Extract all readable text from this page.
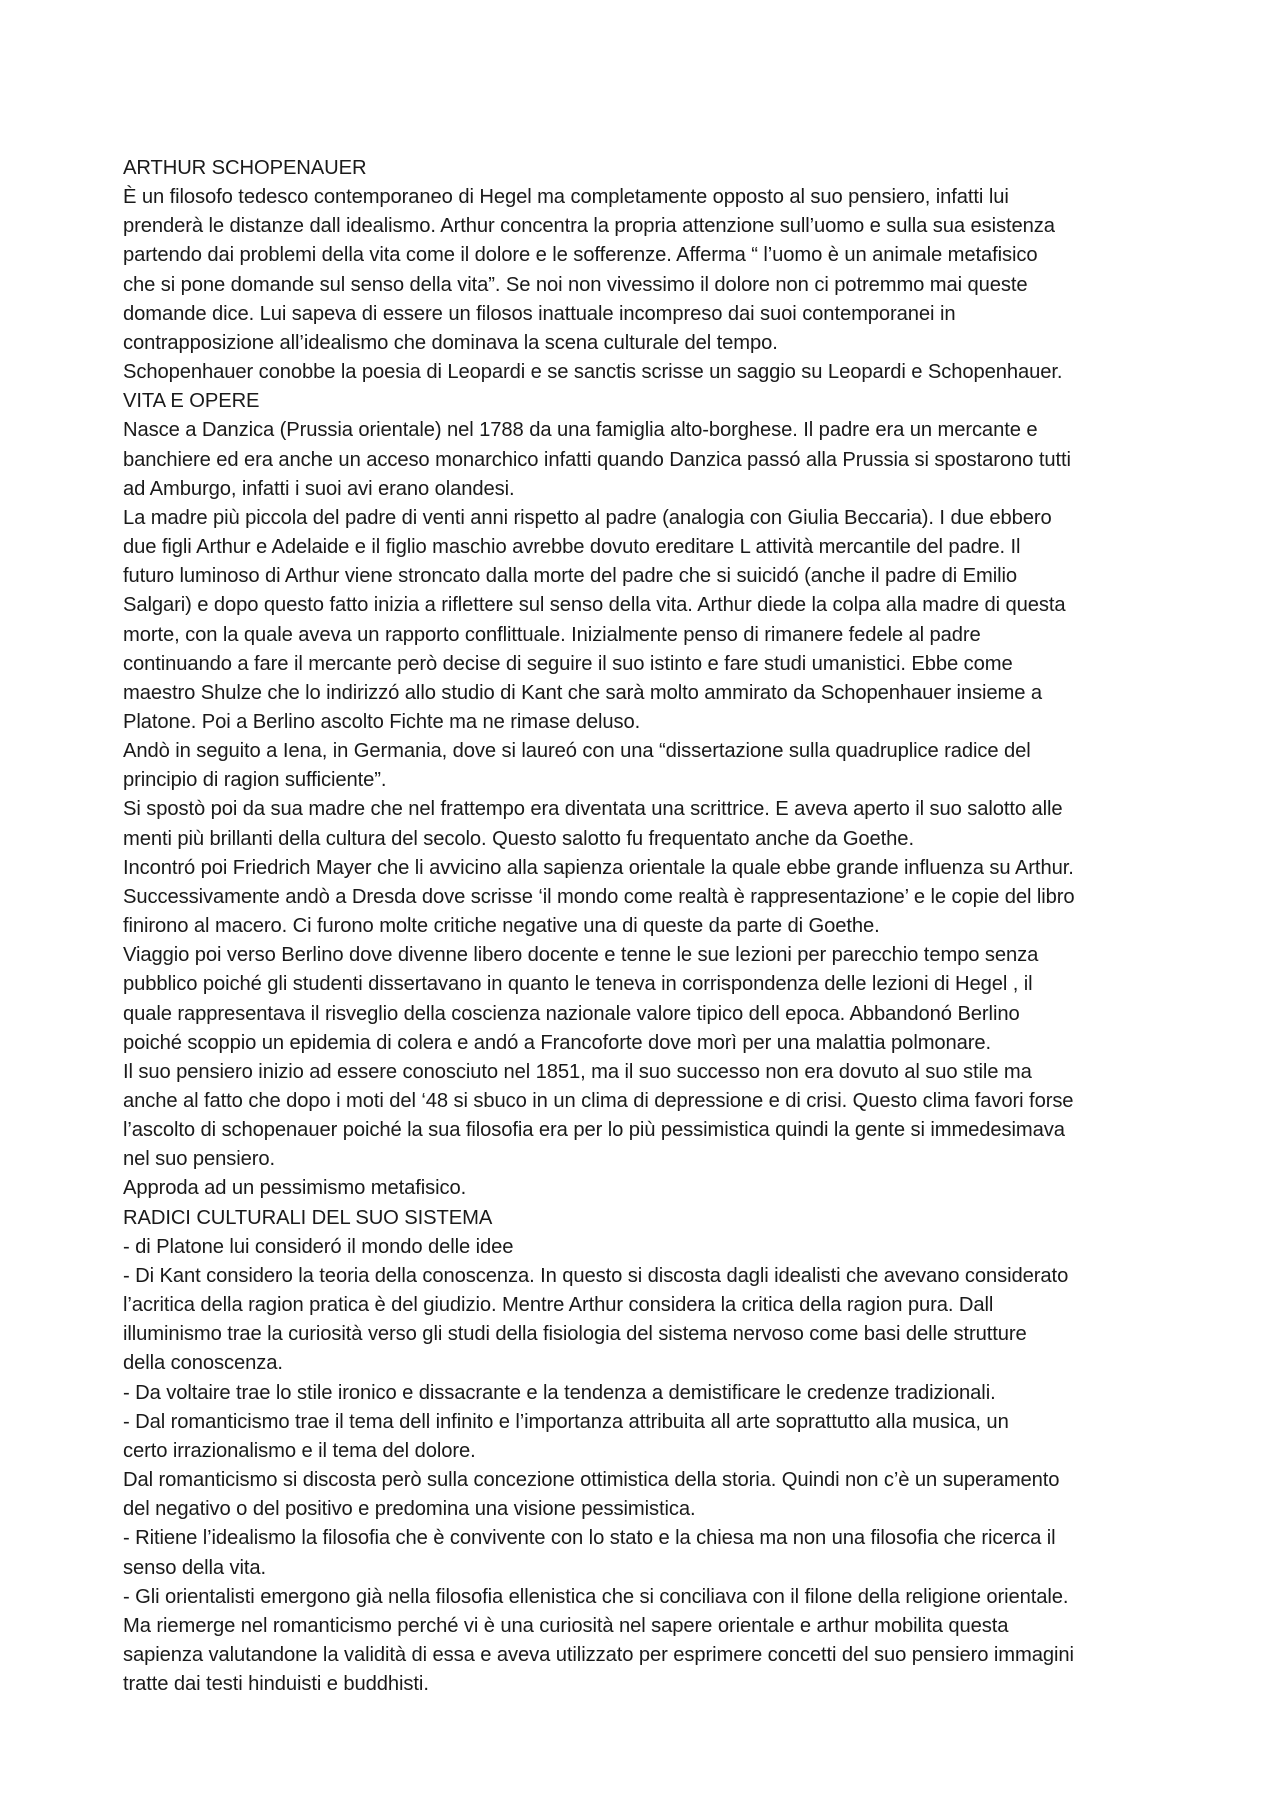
ARTHUR SCHOPENAUER
È un filosofo tedesco contemporaneo di Hegel ma completamente opposto al suo pensiero, infatti lui
prenderà le distanze dall idealismo. Arthur concentra la propria attenzione sull’uomo e sulla sua esistenza
partendo dai problemi della vita come il dolore e le sofferenze. Afferma “ l’uomo è un animale metafisico
che si pone domande sul senso della vita”. Se noi non vivessimo il dolore non ci potremmo mai queste
domande dice. Lui sapeva di essere un filosos inattuale incompreso dai suoi contemporanei in
contrapposizione all’idealismo che dominava la scena culturale del tempo.
Schopenhauer conobbe la poesia di Leopardi e se sanctis scrisse un saggio su Leopardi e Schopenhauer.
VITA E OPERE
Nasce a Danzica (Prussia orientale) nel 1788 da una famiglia alto-borghese. Il padre era un mercante e
banchiere ed era anche un acceso monarchico infatti quando Danzica passó alla Prussia si spostarono tutti
ad Amburgo, infatti i suoi avi erano olandesi.
La madre più piccola del padre di venti anni rispetto al padre (analogia con Giulia Beccaria). I due ebbero
due figli Arthur e Adelaide e il figlio maschio avrebbe dovuto ereditare L attività mercantile del padre. Il
futuro luminoso di Arthur viene stroncato dalla morte del padre che si suicidó (anche il padre di Emilio
Salgari) e dopo questo fatto inizia a riflettere sul senso della vita. Arthur diede la colpa alla madre di questa
morte, con la quale aveva un rapporto conflittuale. Inizialmente penso di rimanere fedele al padre
continuando a fare il mercante però decise di seguire il suo istinto e fare studi umanistici. Ebbe come
maestro Shulze che lo indirizzó allo studio di Kant che sarà molto ammirato da Schopenhauer insieme a
Platone. Poi a Berlino ascolto Fichte ma ne rimase deluso.
Andò in seguito a Iena, in Germania, dove si laureó con una “dissertazione sulla quadruplice radice del
principio di ragion sufficiente”.
Si spostò poi da sua madre che nel frattempo era diventata una scrittrice. E aveva aperto il suo salotto alle
menti più brillanti della cultura del secolo. Questo salotto fu frequentato anche da Goethe.
Incontró poi Friedrich Mayer che li avvicino alla sapienza orientale la quale ebbe grande influenza su Arthur.
Successivamente andò a Dresda dove scrisse ‘il mondo come realtà è rappresentazione’ e le copie del libro
finirono al macero. Ci furono molte critiche negative una di queste da parte di Goethe.
Viaggio poi verso Berlino dove divenne libero docente e tenne le sue lezioni per parecchio tempo senza
pubblico poiché gli studenti dissertavano in quanto le teneva in corrispondenza delle lezioni di Hegel , il
quale rappresentava il risveglio della coscienza nazionale valore tipico dell epoca. Abbandonó Berlino
poiché scoppio un epidemia di colera e andó a Francoforte dove morì per una malattia polmonare.
Il suo pensiero inizio ad essere conosciuto nel 1851, ma il suo successo non era dovuto al suo stile ma
anche al fatto che dopo i moti del ‘48 si sbuco in un clima di depressione e di crisi. Questo clima favori forse
l’ascolto di schopenauer poiché la sua filosofia era per lo più pessimistica quindi la gente si immedesimava
nel suo pensiero.
Approda ad un pessimismo metafisico.
RADICI CULTURALI DEL SUO SISTEMA
- di Platone lui consideró il mondo delle idee
- Di Kant considero la teoria della conoscenza. In questo si discosta dagli idealisti che avevano considerato
l’acritica della ragion pratica è del giudizio. Mentre Arthur considera la critica della ragion pura. Dall
illuminismo trae la curiosità verso gli studi della fisiologia del sistema nervoso come basi delle strutture
della conoscenza.
- Da voltaire trae lo stile ironico e dissacrante e la tendenza a demistificare le credenze tradizionali.
- Dal romanticismo trae il tema dell infinito e l’importanza attribuita all arte soprattutto alla musica, un
certo irrazionalismo e il tema del dolore.
Dal romanticismo si discosta però sulla concezione ottimistica della storia. Quindi non c’è un superamento
del negativo o del positivo e predomina una visione pessimistica.
- Ritiene l’idealismo la filosofia che è convivente con lo stato e la chiesa ma non una filosofia che ricerca il
senso della vita.
- Gli orientalisti emergono già nella filosofia ellenistica che si conciliava con il filone della religione orientale.
Ma riemerge nel romanticismo perché vi è una curiosità nel sapere orientale e arthur mobilita questa
sapienza valutandone la validità di essa e aveva utilizzato per esprimere concetti del suo pensiero immagini
tratte dai testi hinduisti e buddhisti.
